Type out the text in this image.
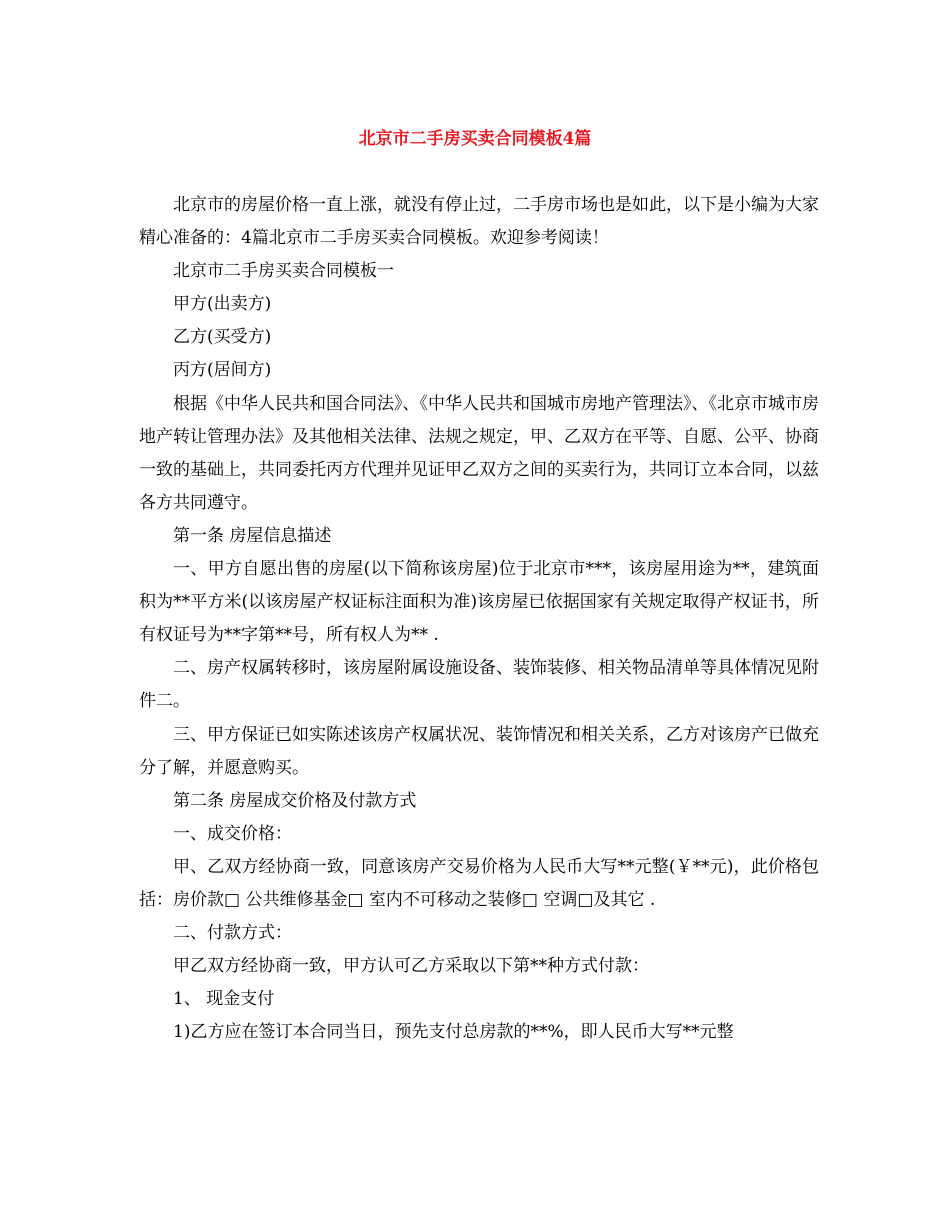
北京市二手房买卖合同模板4篇

北京市的房屋价格一直上涨，就没有停止过，二手房市场也是如此，以下是小编为大家精心准备的：4篇北京市二手房买卖合同模板。欢迎参考阅读！

北京市二手房买卖合同模板一

甲方(出卖方)

乙方(买受方)

丙方(居间方)

根据《中华人民共和国合同法》、《中华人民共和国城市房地产管理法》、《北京市城市房地产转让管理办法》及其他相关法律、法规之规定，甲、乙双方在平等、自愿、公平、协商一致的基础上，共同委托丙方代理并见证甲乙双方之间的买卖行为，共同订立本合同，以兹各方共同遵守。

第一条 房屋信息描述

一、甲方自愿出售的房屋(以下简称该房屋)位于北京市***，该房屋用途为**，建筑面积为**平方米(以该房屋产权证标注面积为准)该房屋已依据国家有关规定取得产权证书，所有权证号为**字第**号，所有权人为** .

二、房产权属转移时，该房屋附属设施设备、装饰装修、相关物品清单等具体情况见附件二。

三、甲方保证已如实陈述该房产权属状况、装饰情况和相关关系，乙方对该房产已做充分了解，并愿意购买。

第二条 房屋成交价格及付款方式

一、成交价格：

甲、乙双方经协商一致，同意该房产交易价格为人民币大写**元整(￥**元)，此价格包括：房价款□ 公共维修基金□ 室内不可移动之装修□ 空调□及其它 .

二、付款方式：

甲乙双方经协商一致，甲方认可乙方采取以下第**种方式付款：

1、 现金支付

1)乙方应在签订本合同当日，预先支付总房款的**%，即人民币大写**元整
